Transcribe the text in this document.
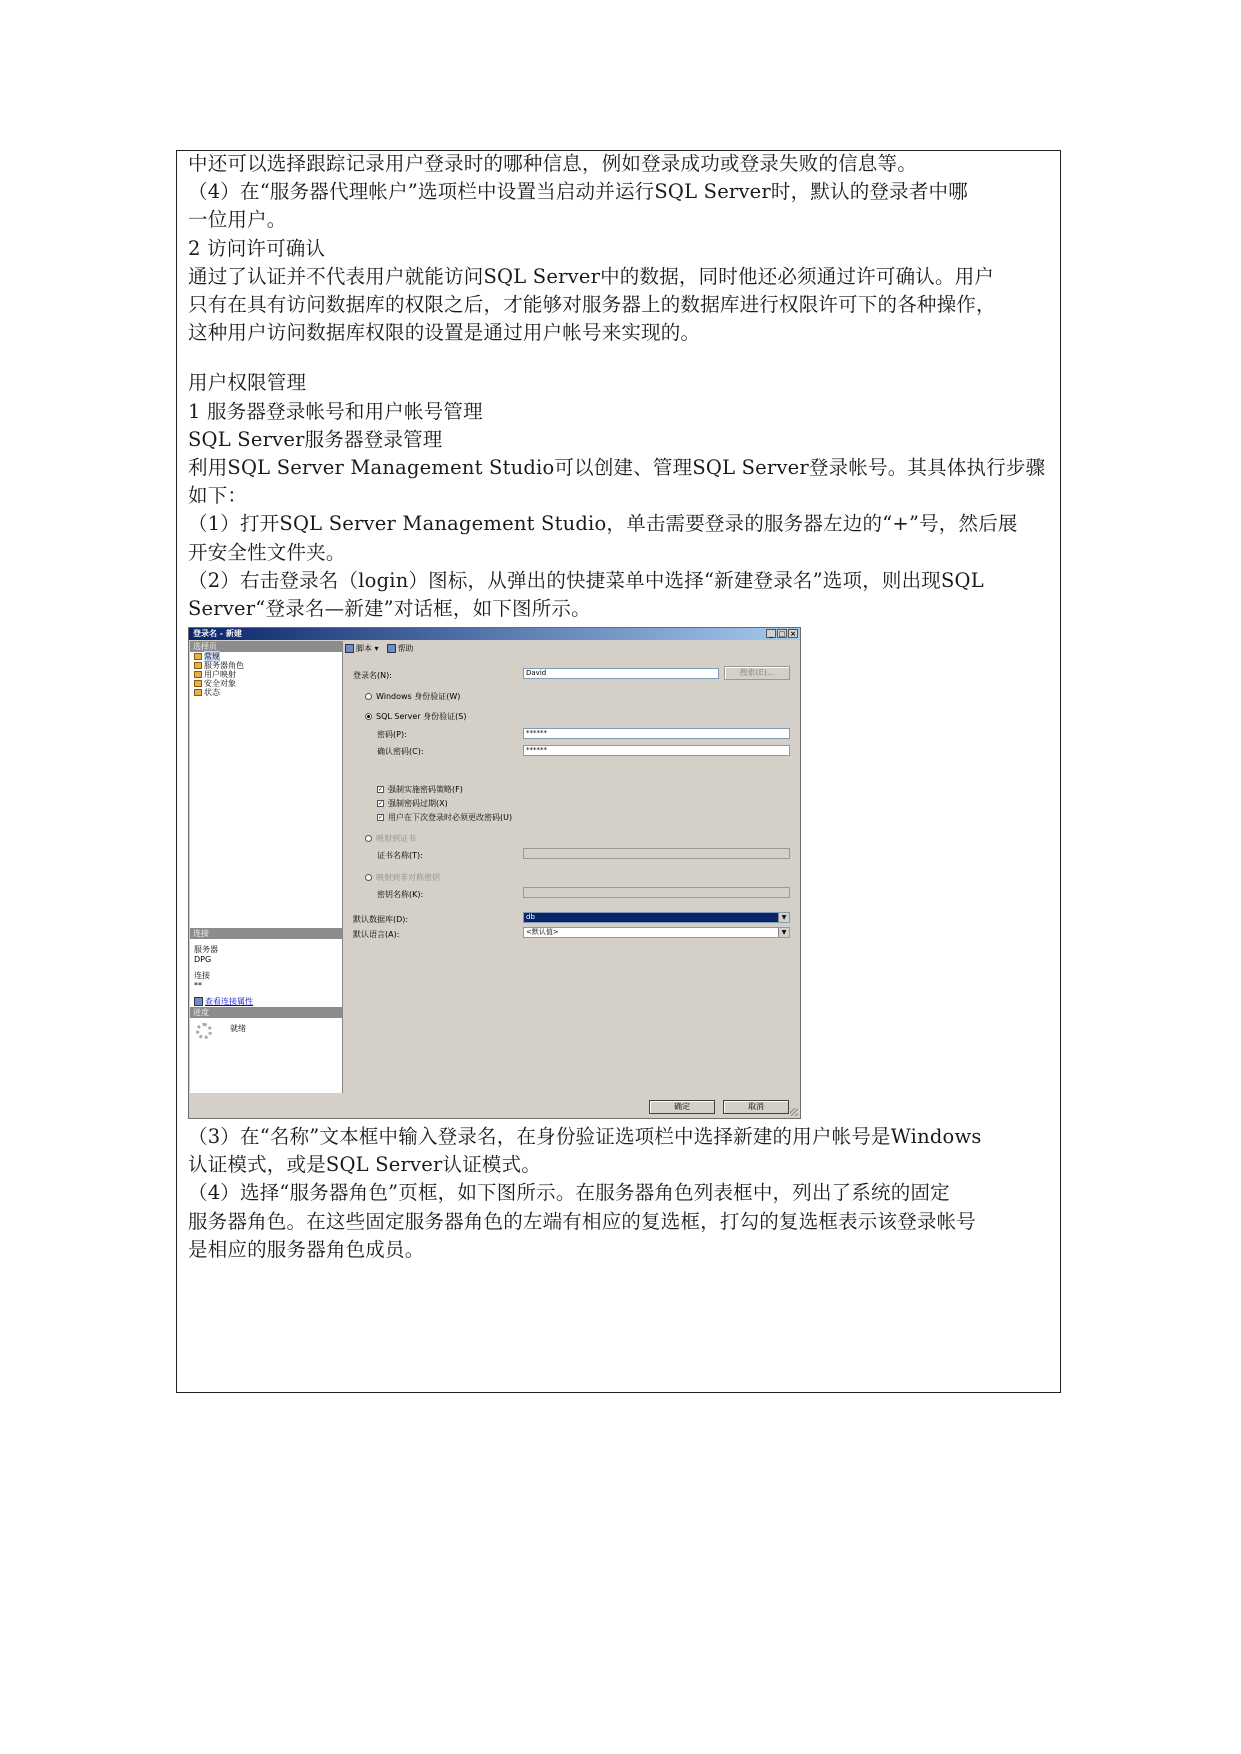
中还可以选择跟踪记录用户登录时的哪种信息，例如登录成功或登录失败的信息等。
（4）在“服务器代理帐户”选项栏中设置当启动并运行SQL Server时，默认的登录者中哪
一位用户。
2 访问许可确认
通过了认证并不代表用户就能访问SQL Server中的数据，同时他还必须通过许可确认。用户
只有在具有访问数据库的权限之后，才能够对服务器上的数据库进行权限许可下的各种操作，
这种用户访问数据库权限的设置是通过用户帐号来实现的。
用户权限管理
1 服务器登录帐号和用户帐号管理
SQL Server服务器登录管理
利用SQL Server Management Studio可以创建、管理SQL Server登录帐号。其具体执行步骤
如下：
（1）打开SQL Server Management Studio，单击需要登录的服务器左边的“+”号，然后展
开安全性文件夹。
（2）右击登录名（login）图标，从弹出的快捷菜单中选择“新建登录名”选项，则出现SQL
Server“登录名—新建”对话框，如下图所示。
登录名 - 新建	_ □ ×
选择页
常规
服务器角色
用户映射
安全对象
状态
连接
服务器
DPG
连接
**
查看连接属性
进度
就绪
脚本 ▾	帮助
登录名(N):	David	搜索(E)...
Windows 身份验证(W)
SQL Server 身份验证(S)
密码(P):	******
确认密码(C):	******
✓ 强制实施密码策略(F)
✓ 强制密码过期(X)
✓ 用户在下次登录时必须更改密码(U)
映射到证书
证书名称(T):
映射到非对称密钥
密钥名称(K):
默认数据库(D):	db	▼
默认语言(A):	<默认值>	▼
确定	取消
（3）在“名称”文本框中输入登录名，在身份验证选项栏中选择新建的用户帐号是Windows
认证模式，或是SQL Server认证模式。
（4）选择“服务器角色”页框，如下图所示。在服务器角色列表框中，列出了系统的固定
服务器角色。在这些固定服务器角色的左端有相应的复选框，打勾的复选框表示该登录帐号
是相应的服务器角色成员。
